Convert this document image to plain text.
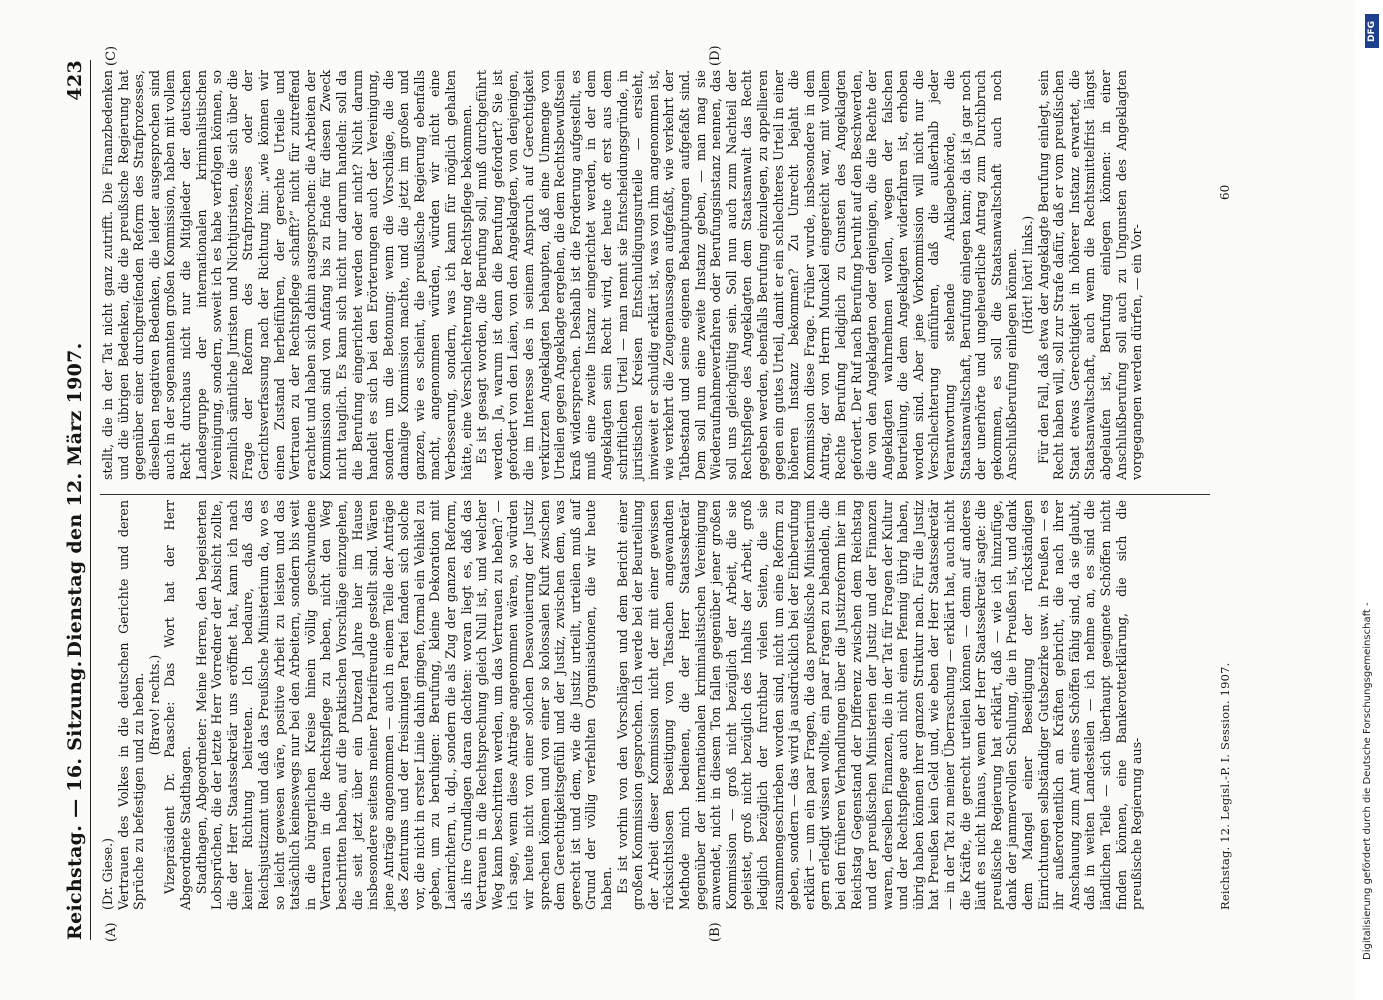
Reichstag. — 16. Sitzung.
Dienstag den 12. März 1907.
423
(A)	(B)
(C)	(D)

(Dr. Giese.) Vertrauen des Volkes in die deutschen Gerichte und deren Sprüche zu befestigen und zu heben. (Bravo! rechts.) Vizepräsident Dr. Paasche: Das Wort hat der Herr Abgeordnete Stadthagen. Stadthagen, Abgeordneter: Meine Herren, den begeisterten Lobsprüchen, die der letzte Herr Vorredner der Absicht zollte, die der Herr Staatssekretär uns eröffnet hat, kann ich nach keiner Richtung beitreten. Ich bedaure, daß das Reichsjustizamt und daß das Preußische Ministerium da, wo es so leicht gewesen wäre, positive Arbeit zu leisten und das tatsächlich keineswegs nur bei den Arbeitern, sondern bis weit in die bürgerlichen Kreise hinein völlig geschwundene Vertrauen in die Rechtspflege zu heben, nicht den Weg beschritten haben, auf die praktischen Vorschläge einzugehen, die seit jetzt über ein Dutzend Jahre hier im Hause insbesondere seitens meiner Parteifreunde gestellt sind. Wären jene Anträge angenommen — auch in einem Teile der Anträge des Zentrums und der freisinnigen Partei fanden sich solche vor, die nicht in erster Linie dahin gingen, formal ein Vehikel zu geben, um zu beruhigen: Berufung, kleine Dekoration mit Laienrichtern, u. dgl., sondern die als Zug der ganzen Reform, als ihre Grundlagen daran dachten: woran liegt es, daß das Vertrauen in die Rechtsprechung gleich Null ist, und welcher Weg kann beschritten werden, um das Vertrauen zu heben? — ich sage, wenn diese Anträge angenommen wären, so würden wir heute nicht von einer solchen Desavouierung der Justiz sprechen können und von einer so kolossalen Kluft zwischen dem Gerechtigkeitsgefühl und der Justiz, zwischen dem, was gerecht ist und dem, wie die Justiz urteilt, urteilen muß auf Grund der völlig verfehlten Organisationen, die wir heute haben. Es ist vorhin von den Vorschlägen und dem Bericht einer großen Kommission gesprochen. Ich werde bei der Beurteilung der Arbeit dieser Kommission nicht der mit einer gewissen rücksichtslosen Beseitigung von Tatsachen angewandten Methode mich bedienen, die der Herr Staatssekretär gegenüber der internationalen kriminalistischen Vereinigung anwendet, nicht in diesem Ton fallen gegenüber jener großen Kommission — groß nicht bezüglich der Arbeit, die sie geleistet, groß nicht bezüglich des Inhalts der Arbeit, groß lediglich bezüglich der furchtbar vielen Seiten, die sie zusammengeschrieben worden sind, nicht um eine Reform zu geben, sondern — das wird ja ausdrücklich bei der Einberufung erklärt — um ein paar Fragen, die das preußische Ministerium gern erledigt wissen wollte, ein paar Fragen zu behandeln, die bei den früheren Verhandlungen über die Justizreform hier im Reichstag Gegenstand der Differenz zwischen dem Reichstag und der preußischen Ministerien der Justiz und der Finanzen waren, derselben Finanzen, die in der Tat für Fragen der Kultur und der Rechtspflege auch nicht einen Pfennig übrig haben, übrig haben können ihrer ganzen Struktur nach. Für die Justiz hat Preußen kein Geld und, wie eben der Herr Staatssekretär — in der Tat zu meiner Überraschung — erklärt hat, auch nicht die Kräfte, die gerecht urteilen können — denn auf anderes läuft es nicht hinaus, wenn der Herr Staatssekretär sagte: die preußische Regierung hat erklärt, daß — wie ich hinzufüge, dank der jammervollen Schulung, die in Preußen ist, und dank dem Mangel einer Beseitigung der rückständigen Einrichtungen selbständiger Gutsbezirke usw. in Preußen — es ihr außerordentlich an Kräften gebricht, die nach ihrer Anschauung zum Amt eines Schöffen fähig sind, da sie glaubt, daß in weiten Landesteilen — ich nehme an, es sind die ländlichen Teile — sich überhaupt geeignete Schöffen nicht finden können, eine Bankerotterklärung, die sich die preußische Regierung aus-

stellt, die in der Tat nicht ganz zutrifft. Die Finanzbedenken und die übrigen Bedenken, die die preußische Regierung hat gegenüber einer durchgreifenden Reform des Strafprozesses, dieselben negativen Bedenken, die leider ausgesprochen sind auch in der sogenannten großen Kommission, haben mit vollem Recht durchaus nicht nur die Mitglieder der deutschen Landesgruppe der internationalen kriminalistischen Vereinigung, sondern, soweit ich es habe verfolgen können, so ziemlich sämtliche Juristen und Nichtjuristen, die sich über die Frage der Reform des Strafprozesses oder der Gerichtsverfassung nach der Richtung hin: „wie können wir einen Zustand herbeiführen, der gerechte Urteile und Vertrauen zu der Rechtspflege schafft?“ nicht für zutreffend erachtet und haben sich dahin ausgesprochen: die Arbeiten der Kommission sind von Anfang bis zu Ende für diesen Zweck nicht tauglich. Es kann sich nicht nur darum handeln: soll da die Berufung eingerichtet werden oder nicht? Nicht darum handelt es sich bei den Erörterungen auch der Vereinigung, sondern um die Betonung: wenn die Vorschläge, die die damalige Kommission machte, und die jetzt im großen und ganzen, wie es scheint, die preußische Regierung ebenfalls macht, angenommen würden, würden wir nicht eine Verbesserung, sondern, was ich kann für möglich gehalten hätte, eine Verschlechterung der Rechtspflege bekommen. Es ist gesagt worden, die Berufung soll, muß durchgeführt werden. Ja, warum ist denn die Berufung gefordert? Sie ist gefordert von den Laien, von den Angeklagten, von denjenigen, die im Interesse des in seinem Anspruch auf Gerechtigkeit verkürzten Angeklagten behaupten, daß eine Unmenge von Urteilen gegen Angeklagte ergehen, die dem Rechtsbewußtsein kraß widersprechen. Deshalb ist die Forderung aufgestellt, es muß eine zweite Instanz eingerichtet werden, in der dem Angeklagten sein Recht wird, der heute oft erst aus dem schriftlichen Urteil — man nennt sie Entscheidungsgründe, in juristischen Kreisen Entschuldigungsurteile — ersieht, inwieweit er schuldig erklärt ist, was von ihm angenommen ist, wie verkehrt die Zeugenaussagen aufgefaßt, wie verkehrt der Tatbestand und seine eigenen Behauptungen aufgefaßt sind. Dem soll nun eine zweite Instanz geben, — man mag sie Wiederaufnahmeverfahren oder Berufungsinstanz nennen, das soll uns gleichgültig sein. Soll nun auch zum Nachteil der Rechtspflege des Angeklagten dem Staatsanwalt das Recht gegeben werden, ebenfalls Berufung einzulegen, zu appellieren gegen ein gutes Urteil, damit er ein schlechteres Urteil in einer höheren Instanz bekommen? Zu Unrecht bejaht die Kommission diese Frage. Früher wurde, insbesondere in dem Antrag, der von Herrn Munckel eingereicht war, mit vollem Rechte Berufung lediglich zu Gunsten des Angeklagten gefordert. Der Ruf nach Berufung beruht auf den Beschwerden, die von den Angeklagten oder denjenigen, die die Rechte der Angeklagten wahrnehmen wollen, wegen der falschen Beurteilung, die dem Angeklagten widerfahren ist, erhoben worden sind. Aber jene Vorkommission will nicht nur die Verschlechterung einführen, daß die außerhalb jeder Verantwortung stehende Anklagebehörde, die Staatsanwaltschaft, Berufung einlegen kann; da ist ja gar noch der unerhörte und ungeheuerliche Antrag zum Durchbruch gekommen, es soll die Staatsanwaltschaft auch noch Anschlußberufung einlegen können. (Hört! hört! links.) Für den Fall, daß etwa der Angeklagte Berufung einlegt, sein Recht haben will, soll zur Strafe dafür, daß er vom preußischen Staat etwas Gerechtigkeit in höherer Instanz erwartet, die Staatsanwaltschaft, auch wenn die Rechtsmittelfrist längst abgelaufen ist, Berufung einlegen können: in einer Anschlußberufung soll auch zu Ungunsten des Angeklagten vorgegangen werden dürfen, — ein Vor-

Reichstag. 12. Legisl.-P. I. Session. 1907.
60
DFG
Digitalisierung gefördert durch die Deutsche Forschungsgemeinschaft -
